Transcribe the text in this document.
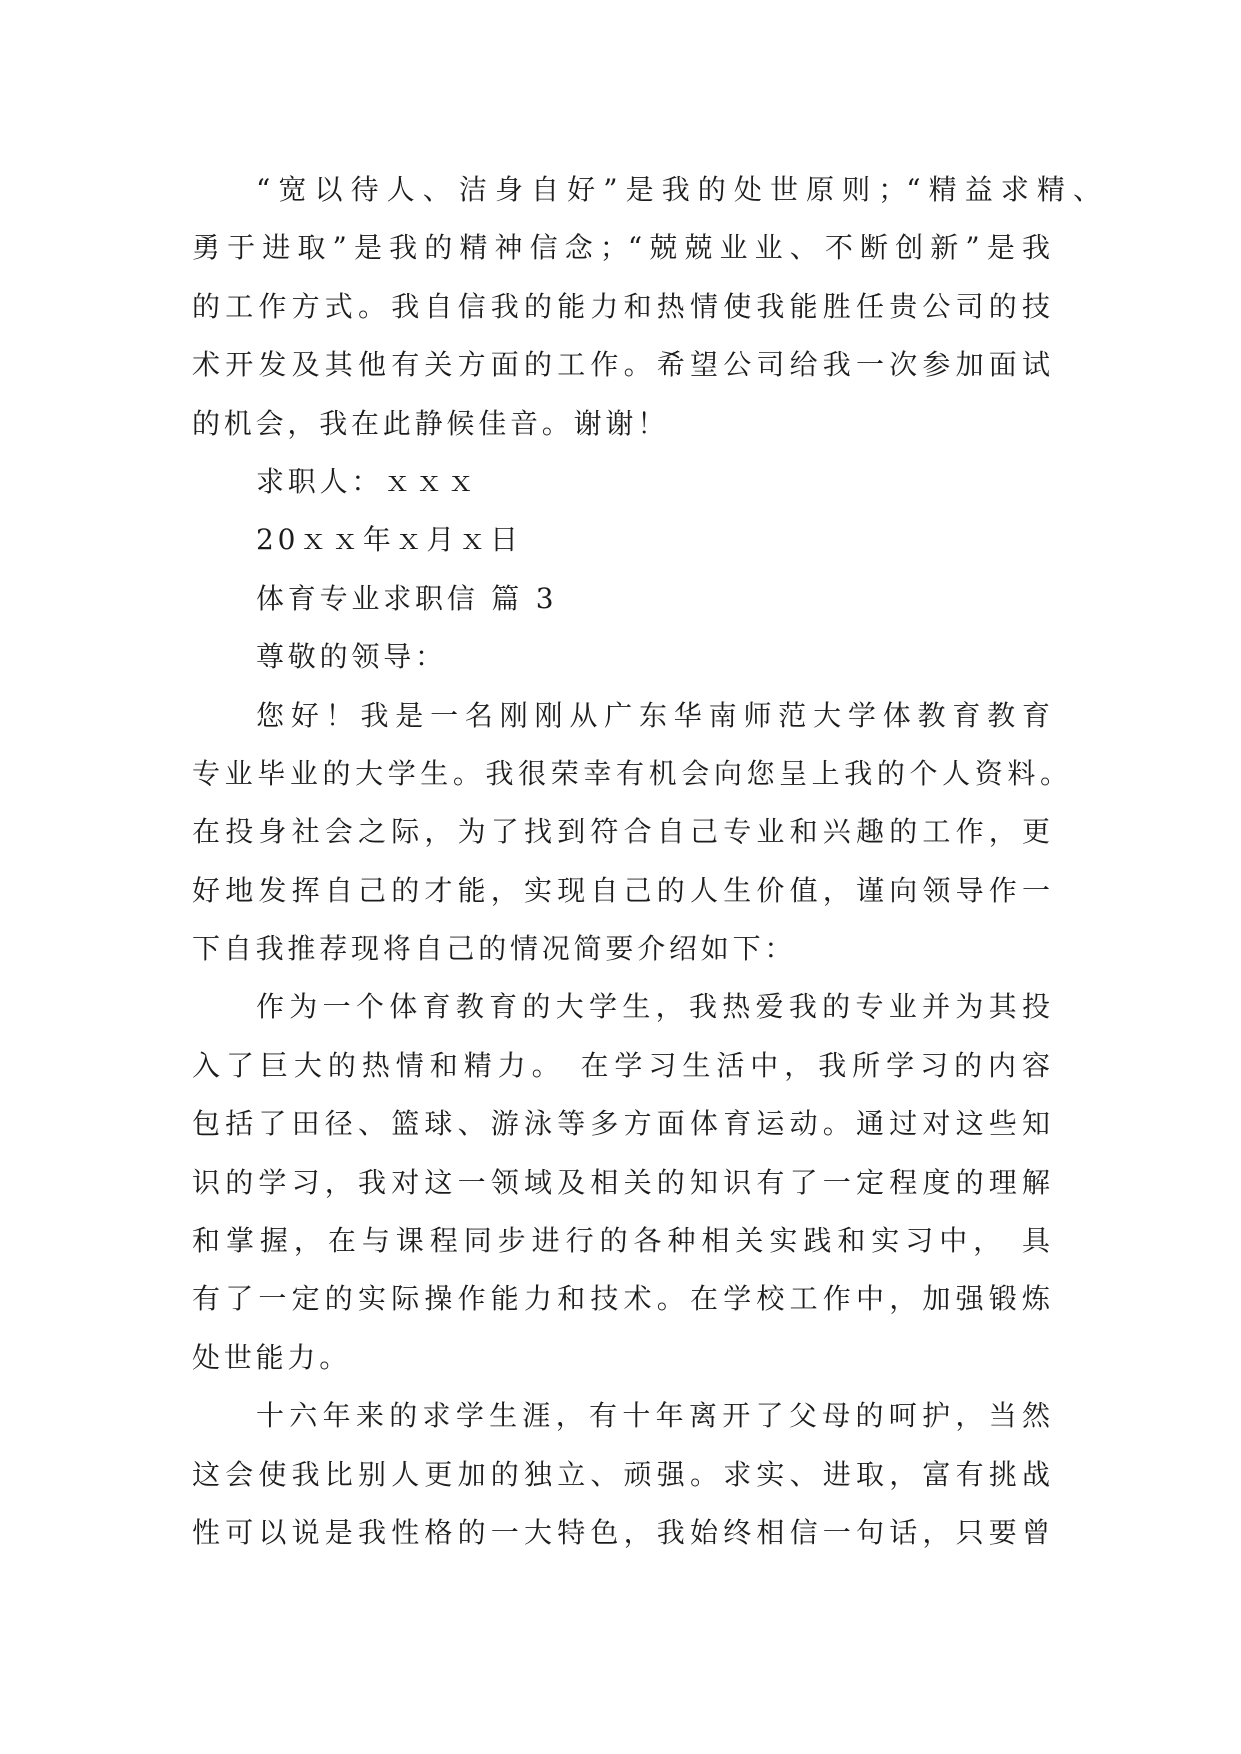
“宽以待人、洁身自好”是我的处世原则；“精益求精、
勇于进取”是我的精神信念；“兢兢业业、不断创新”是我
的工作方式。我自信我的能力和热情使我能胜任贵公司的技
术开发及其他有关方面的工作。希望公司给我一次参加面试
的机会，我在此静候佳音。谢谢！
求职人：ｘｘｘ
20ｘｘ年ｘ月ｘ日
体育专业求职信 篇 3
尊敬的领导：
您好！我是一名刚刚从广东华南师范大学体教育教育
专业毕业的大学生。我很荣幸有机会向您呈上我的个人资料。
在投身社会之际，为了找到符合自己专业和兴趣的工作，更
好地发挥自己的才能，实现自己的人生价值，谨向领导作一
下自我推荐现将自己的情况简要介绍如下：
作为一个体育教育的大学生，我热爱我的专业并为其投
入了巨大的热情和精力。 在学习生活中，我所学习的内容
包括了田径、篮球、游泳等多方面体育运动。通过对这些知
识的学习，我对这一领域及相关的知识有了一定程度的理解
和掌握，在与课程同步进行的各种相关实践和实习中， 具
有了一定的实际操作能力和技术。在学校工作中，加强锻炼
处世能力。
十六年来的求学生涯，有十年离开了父母的呵护，当然
这会使我比别人更加的独立、顽强。求实、进取，富有挑战
性可以说是我性格的一大特色，我始终相信一句话，只要曾
